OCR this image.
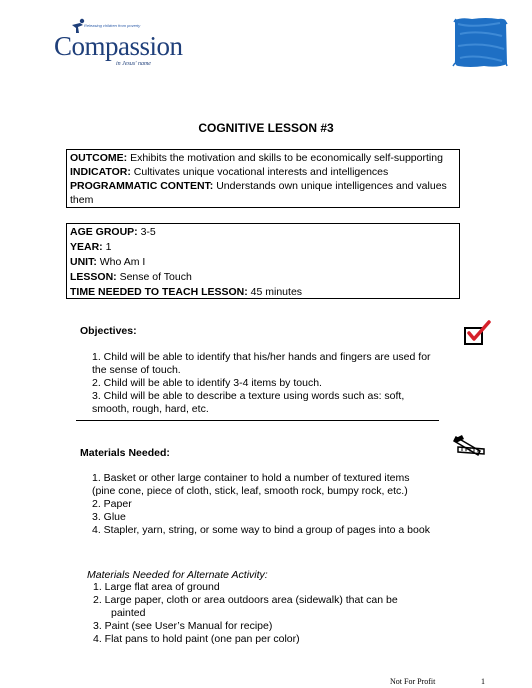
Releasing children from poverty
Compassion
in Jesus' name
COGNITIVE LESSON #3
OUTCOME: Exhibits the motivation and skills to be economically self-supporting
INDICATOR: Cultivates unique vocational interests and intelligences
PROGRAMMATIC CONTENT: Understands own unique intelligences and values
them
AGE GROUP: 3-5
YEAR: 1
UNIT: Who Am I
LESSON: Sense of Touch
TIME NEEDED TO TEACH LESSON: 45 minutes
Objectives:
1. Child will be able to identify that his/her hands and fingers are used for
the sense of touch.
2. Child will be able to identify 3-4 items by touch.
3. Child will be able to describe a texture using words such as: soft,
smooth, rough, hard, etc.
Materials Needed:
1. Basket or other large container to hold a number of textured items
(pine cone, piece of cloth, stick, leaf, smooth rock, bumpy rock, etc.)
2. Paper
3. Glue
4. Stapler, yarn, string, or some way to bind a group of pages into a book
Materials Needed for Alternate Activity:
1. Large flat area of ground
2. Large paper, cloth or area outdoors area (sidewalk) that can be
painted
3. Paint (see User’s Manual for recipe)
4. Flat pans to hold paint (one pan per color)
Not For Profit	1
